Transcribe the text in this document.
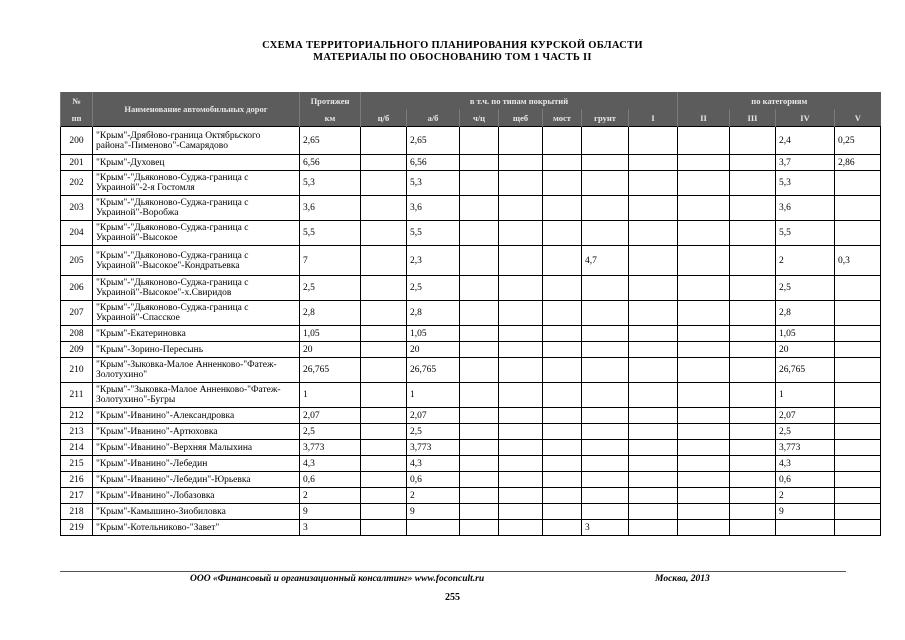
СХЕМА ТЕРРИТОРИАЛЬНОГО ПЛАНИРОВАНИЯ КУРСКОЙ ОБЛАСТИ
МАТЕРИАЛЫ ПО ОБОСНОВАНИЮ ТОМ 1 ЧАСТЬ II
№	Наименование автомобильных дорог	Протяжен	в т.ч. по типам покрытий							по категориям			
пп		км	ц/б	а/б	ч/ц	щеб	мост	грунт	I	II	III	IV	V
200	"Крым"-Дрябłово-граница Октябрьского района"-Пименово"-Самарядово	2,65		2,65								2,4	0,25
201	"Крым"-Духовец	6,56		6,56								3,7	2,86
202	"Крым"-"Дьяконово-Суджа-граница с Украиной"-2-я Гостомля	5,3		5,3								5,3	
203	"Крым"-"Дьяконово-Суджа-граница с Украиной"-Воробжа	3,6		3,6								3,6	
204	"Крым"-"Дьяконово-Суджа-граница с Украиной"-Высокое	5,5		5,5								5,5	
205	"Крым"-"Дьяконово-Суджа-граница с Украиной"-Высокое"-Кондратьевка	7		2,3				4,7				2	0,3
206	"Крым"-"Дьяконово-Суджа-граница с Украиной"-Высокое"-х.Свиридов	2,5		2,5								2,5	
207	"Крым"-"Дьяконово-Суджа-граница с Украиной"-Спасское	2,8		2,8								2,8	
208	"Крым"-Екатериновка	1,05		1,05								1,05	
209	"Крым"-Зорино-Пересынь	20		20								20	
210	"Крым"-Зыковка-Малое Анненково-"Фатеж-Золотухино"	26,765		26,765								26,765	
211	"Крым"-"Зыковка-Малое Анненково-"Фатеж-Золотухино"-Бугры	1		1								1	
212	"Крым"-Иванино"-Александровка	2,07		2,07								2,07	
213	"Крым"-Иванино"-Артюховка	2,5		2,5								2,5	
214	"Крым"-Иванино"-Верхняя Малыхина	3,773		3,773								3,773	
215	"Крым"-Иванино"-Лебедин	4,3		4,3								4,3	
216	"Крым"-Иванино"-Лебедин"-Юрьевка	0,6		0,6								0,6	
217	"Крым"-Иванино"-Лобазовка	2		2								2	
218	"Крым"-Камышино-Зиобиловка	9		9								9	
219	"Крым"-Котельниково-"Завет"	3						3					
ООО «Финансовый и организационный консалтинг» www.foconcult.ru	Москва, 2013
255
